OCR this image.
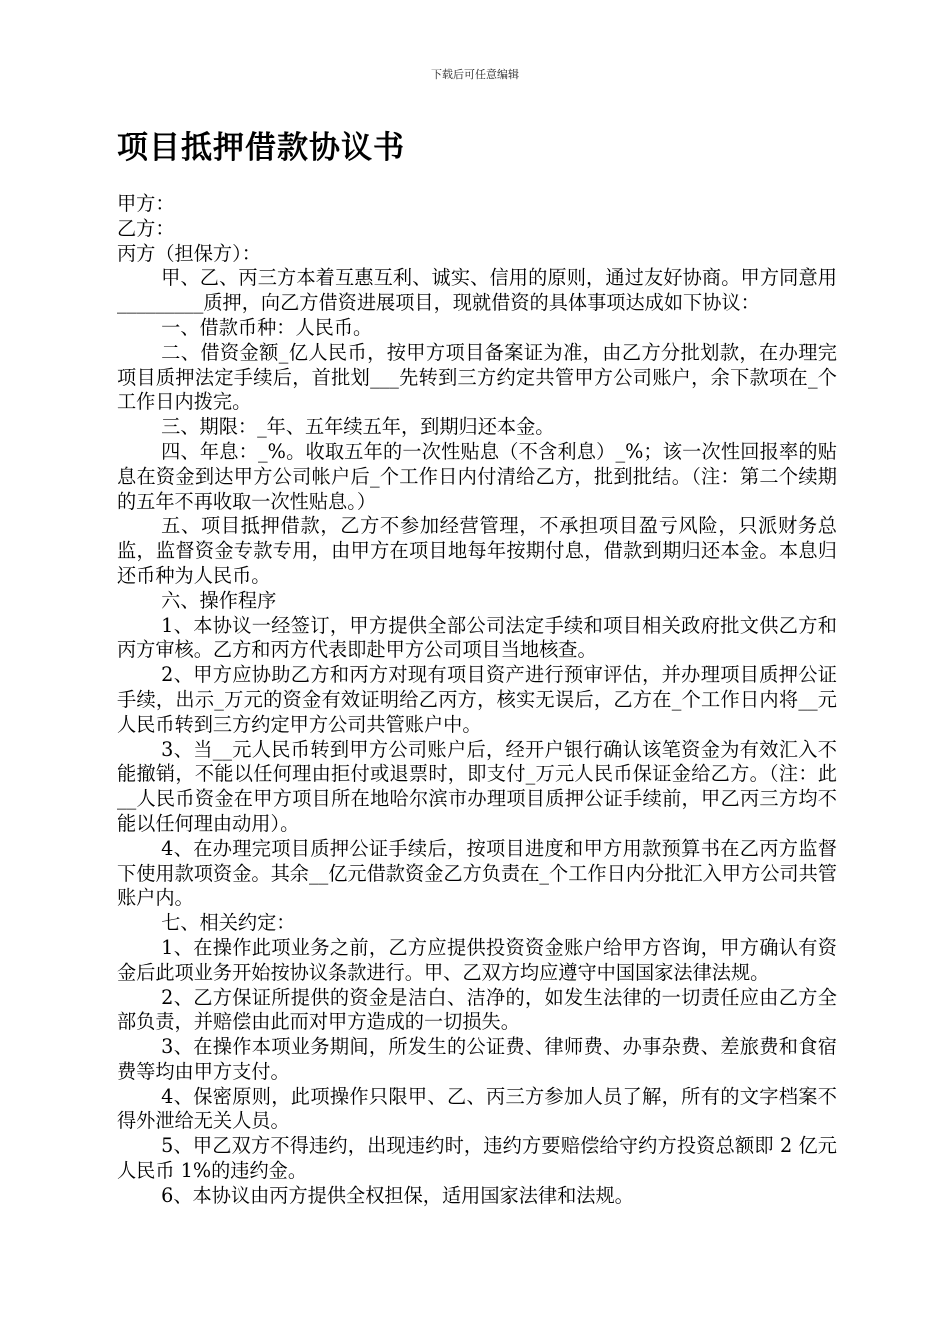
下载后可任意编辑
项目抵押借款协议书

甲方：

乙方：

丙方（担保方）：

甲、乙、丙三方本着互惠互利、诚实、信用的原则，通过友好协商。甲方同意用_________质押，向乙方借资进展项目，现就借资的具体事项达成如下协议：

一、借款币种：人民币。

二、借资金额_亿人民币，按甲方项目备案证为准，由乙方分批划款，在办理完项目质押法定手续后，首批划___先转到三方约定共管甲方公司账户，余下款项在_个工作日内拨完。

三、期限：_年、五年续五年，到期归还本金。

四、年息：_%。收取五年的一次性贴息（不含利息）_%；该一次性回报率的贴息在资金到达甲方公司帐户后_个工作日内付清给乙方，批到批结。（注：第二个续期的五年不再收取一次性贴息。）

五、项目抵押借款，乙方不参加经营管理，不承担项目盈亏风险，只派财务总监，监督资金专款专用，由甲方在项目地每年按期付息，借款到期归还本金。本息归还币种为人民币。

六、操作程序

1、本协议一经签订，甲方提供全部公司法定手续和项目相关政府批文供乙方和丙方审核。乙方和丙方代表即赴甲方公司项目当地核查。

2、甲方应协助乙方和丙方对现有项目资产进行预审评估，并办理项目质押公证手续，出示_万元的资金有效证明给乙丙方，核实无误后，乙方在_个工作日内将__元人民币转到三方约定甲方公司共管账户中。

3、当__元人民币转到甲方公司账户后，经开户银行确认该笔资金为有效汇入不能撤销，不能以任何理由拒付或退票时，即支付_万元人民币保证金给乙方。（注：此__人民币资金在甲方项目所在地哈尔滨市办理项目质押公证手续前，甲乙丙三方均不能以任何理由动用）。

4、在办理完项目质押公证手续后，按项目进度和甲方用款预算书在乙丙方监督下使用款项资金。其余__亿元借款资金乙方负责在_个工作日内分批汇入甲方公司共管账户内。

七、相关约定：

1、在操作此项业务之前，乙方应提供投资资金账户给甲方咨询，甲方确认有资金后此项业务开始按协议条款进行。甲、乙双方均应遵守中国国家法律法规。

2、乙方保证所提供的资金是洁白、洁净的，如发生法律的一切责任应由乙方全部负责，并赔偿由此而对甲方造成的一切损失。

3、在操作本项业务期间，所发生的公证费、律师费、办事杂费、差旅费和食宿费等均由甲方支付。

4、保密原则，此项操作只限甲、乙、丙三方参加人员了解，所有的文字档案不得外泄给无关人员。

5、甲乙双方不得违约，出现违约时，违约方要赔偿给守约方投资总额即 2 亿元人民币 1%的违约金。

6、本协议由丙方提供全权担保，适用国家法律和法规。
